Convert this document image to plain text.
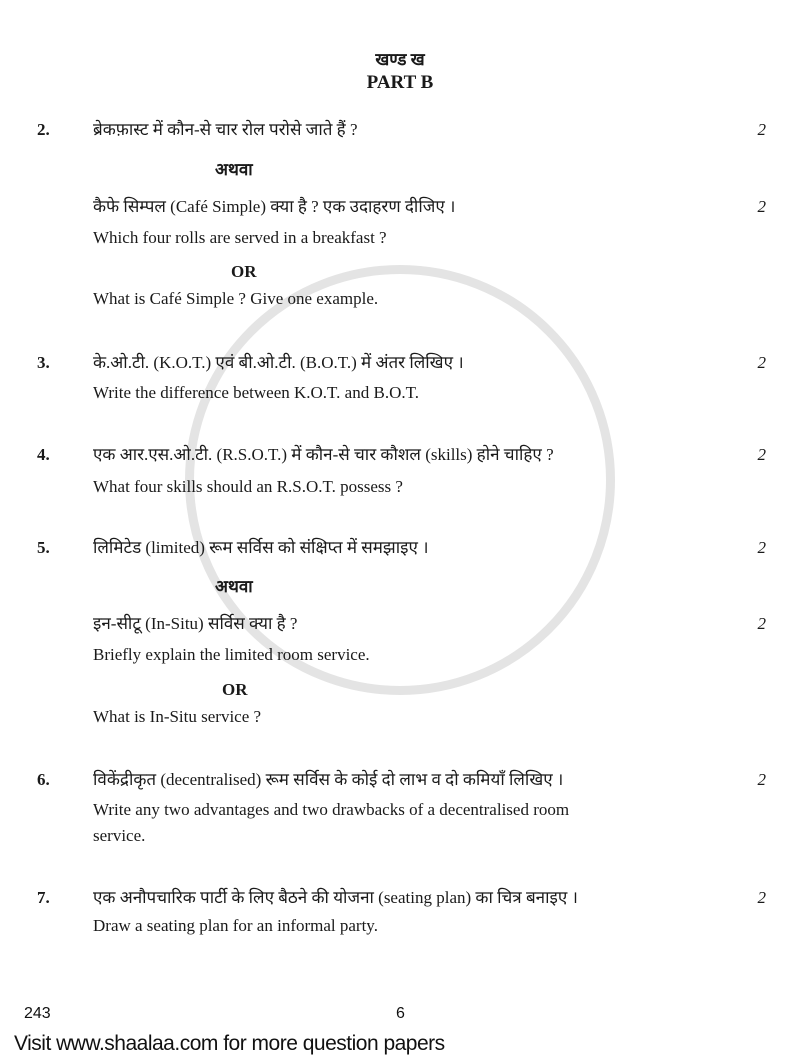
खण्ड ख
PART B
2.	ब्रेकफ़ास्ट में कौन-से चार रोल परोसे जाते हैं ?	2
अथवा
कैफे सिम्पल (Café Simple) क्या है ? एक उदाहरण दीजिए ।	2
Which four rolls are served in a breakfast ?
OR
What is Café Simple ? Give one example.
3.	के.ओ.टी. (K.O.T.) एवं बी.ओ.टी. (B.O.T.) में अंतर लिखिए ।	2
Write the difference between K.O.T. and B.O.T.
4.	एक आर.एस.ओ.टी. (R.S.O.T.) में कौन-से चार कौशल (skills) होने चाहिए ?	2
What four skills should an R.S.O.T. possess ?
5.	लिमिटेड (limited) रूम सर्विस को संक्षिप्त में समझाइए ।	2
अथवा
इन-सीटू (In-Situ) सर्विस क्या है ?	2
Briefly explain the limited room service.
OR
What is In-Situ service ?
6.	विकेंद्रीकृत (decentralised) रूम सर्विस के कोई दो लाभ व दो कमियाँ लिखिए ।	2
Write any two advantages and two drawbacks of a decentralised room
service.
7.	एक अनौपचारिक पार्टी के लिए बैठने की योजना (seating plan) का चित्र बनाइए ।	2
Draw a seating plan for an informal party.
243	6
Visit www.shaalaa.com for more question papers
